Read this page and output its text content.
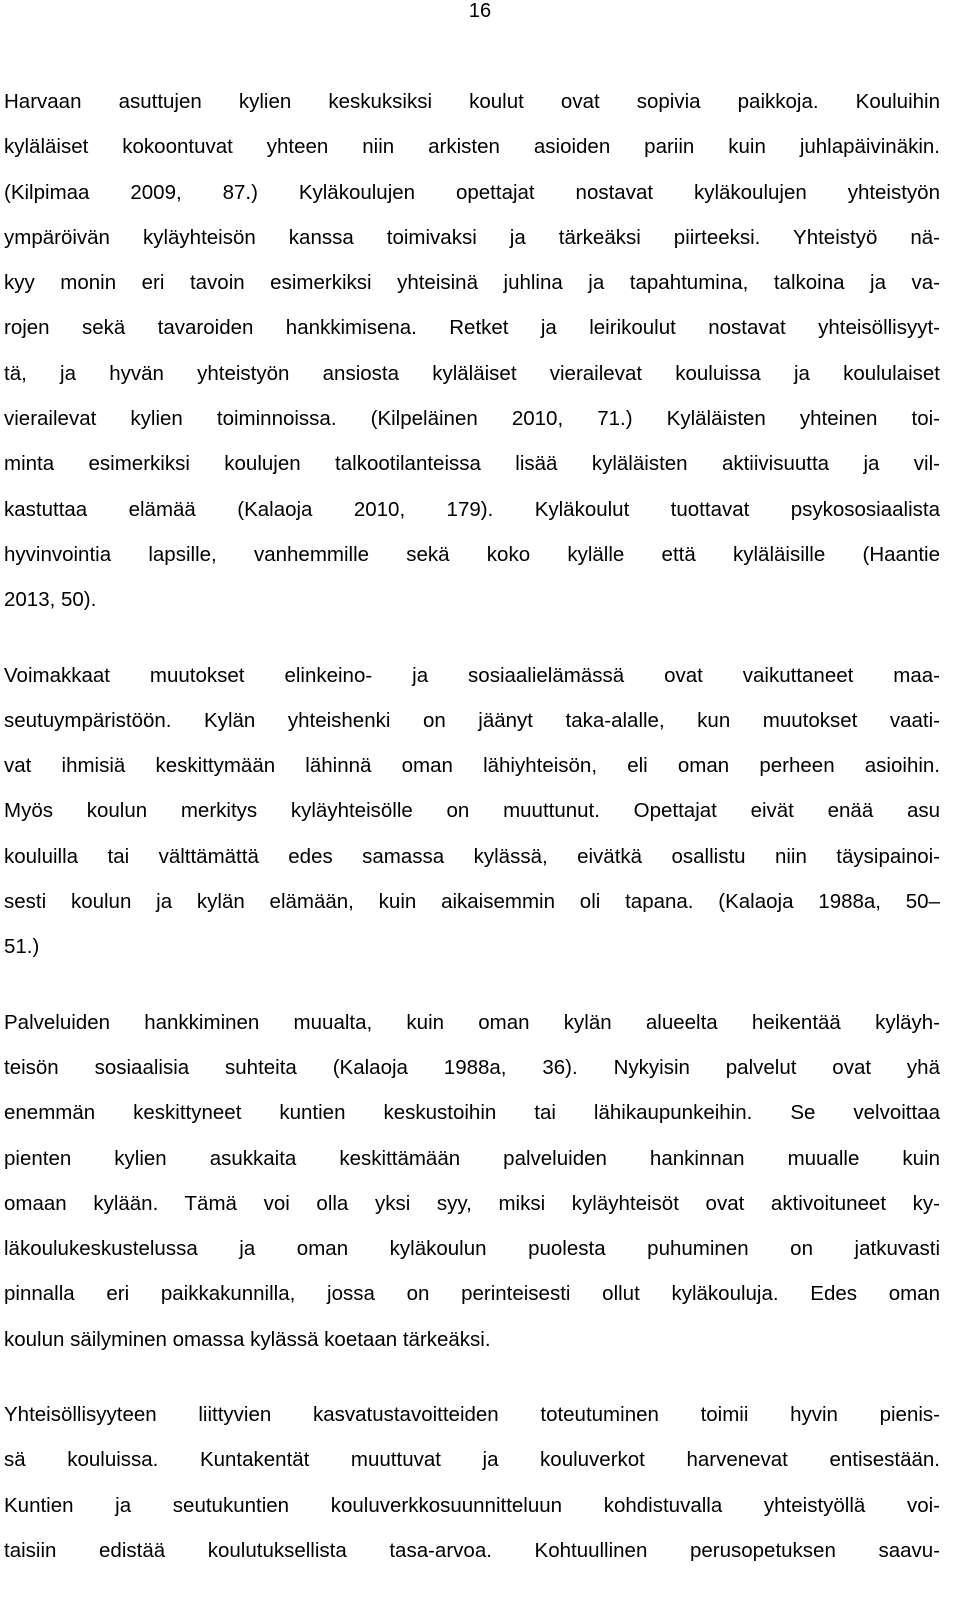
16
Harvaan asuttujen kylien keskuksiksi koulut ovat sopivia paikkoja. Kouluihin
kyläläiset kokoontuvat yhteen niin arkisten asioiden pariin kuin juhlapäivinäkin.
(Kilpimaa 2009, 87.) Kyläkoulujen opettajat nostavat kyläkoulujen yhteistyön
ympäröivän kyläyhteisön kanssa toimivaksi ja tärkeäksi piirteeksi. Yhteistyö nä-
kyy monin eri tavoin esimerkiksi yhteisinä juhlina ja tapahtumina, talkoina ja va-
rojen sekä tavaroiden hankkimisena. Retket ja leirikoulut nostavat yhteisöllisyyt-
tä, ja hyvän yhteistyön ansiosta kyläläiset vierailevat kouluissa ja koululaiset
vierailevat kylien toiminnoissa. (Kilpeläinen 2010, 71.) Kyläläisten yhteinen toi-
minta esimerkiksi koulujen talkootilanteissa lisää kyläläisten aktiivisuutta ja vil-
kastuttaa elämää (Kalaoja 2010, 179). Kyläkoulut tuottavat psykososiaalista
hyvinvointia lapsille, vanhemmille sekä koko kylälle että kyläläisille (Haantie
2013, 50).
Voimakkaat muutokset elinkeino- ja sosiaalielämässä ovat vaikuttaneet maa-
seutuympäristöön. Kylän yhteishenki on jäänyt taka-alalle, kun muutokset vaati-
vat ihmisiä keskittymään lähinnä oman lähiyhteisön, eli oman perheen asioihin.
Myös koulun merkitys kyläyhteisölle on muuttunut. Opettajat eivät enää asu
kouluilla tai välttämättä edes samassa kylässä, eivätkä osallistu niin täysipainoi-
sesti koulun ja kylän elämään, kuin aikaisemmin oli tapana. (Kalaoja 1988a, 50–
51.)
Palveluiden hankkiminen muualta, kuin oman kylän alueelta heikentää kyläyh-
teisön sosiaalisia suhteita (Kalaoja 1988a, 36). Nykyisin palvelut ovat yhä
enemmän keskittyneet kuntien keskustoihin tai lähikaupunkeihin. Se velvoittaa
pienten kylien asukkaita keskittämään palveluiden hankinnan muualle kuin
omaan kylään. Tämä voi olla yksi syy, miksi kyläyhteisöt ovat aktivoituneet ky-
läkoulukeskustelussa ja oman kyläkoulun puolesta puhuminen on jatkuvasti
pinnalla eri paikkakunnilla, jossa on perinteisesti ollut kyläkouluja. Edes oman
koulun säilyminen omassa kylässä koetaan tärkeäksi.
Yhteisöllisyyteen liittyvien kasvatustavoitteiden toteutuminen toimii hyvin pienis-
sä kouluissa. Kuntakentät muuttuvat ja kouluverkot harvenevat entisestään.
Kuntien ja seutukuntien kouluverkkosuunnitteluun kohdistuvalla yhteistyöllä voi-
taisiin edistää koulutuksellista tasa-arvoa. Kohtuullinen perusopetuksen saavu-
